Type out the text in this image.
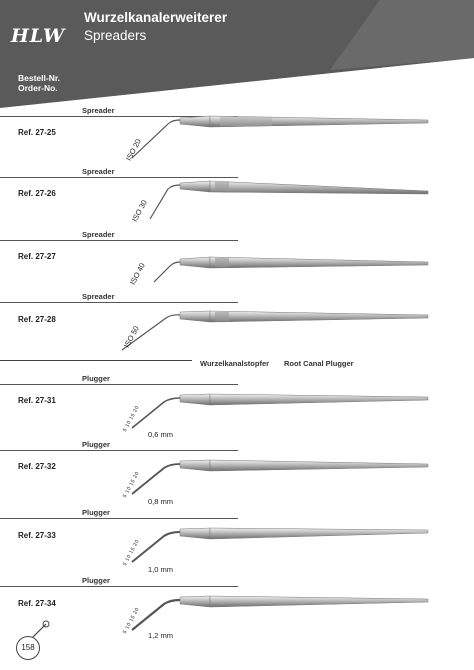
HLW
Wurzelkanalerweiterer
Spreaders
Bestell-Nr.
Order-No.
Spreader
Ref. 27-25
ISO 20
Spreader
Ref. 27-26
ISO 30
Spreader
Ref. 27-27
ISO 40
Spreader
Ref. 27-28
ISO 50
Wurzelkanalstopfer Root Canal Plugger
Plugger
Ref. 27-31
5 10 15 20
0,6 mm
Plugger
Ref. 27-32
5 10 15 20
0,8 mm
Plugger
Ref. 27-33
5 10 15 20
1,0 mm
Plugger
Ref. 27-34
5 10 15 20
1,2 mm
158
